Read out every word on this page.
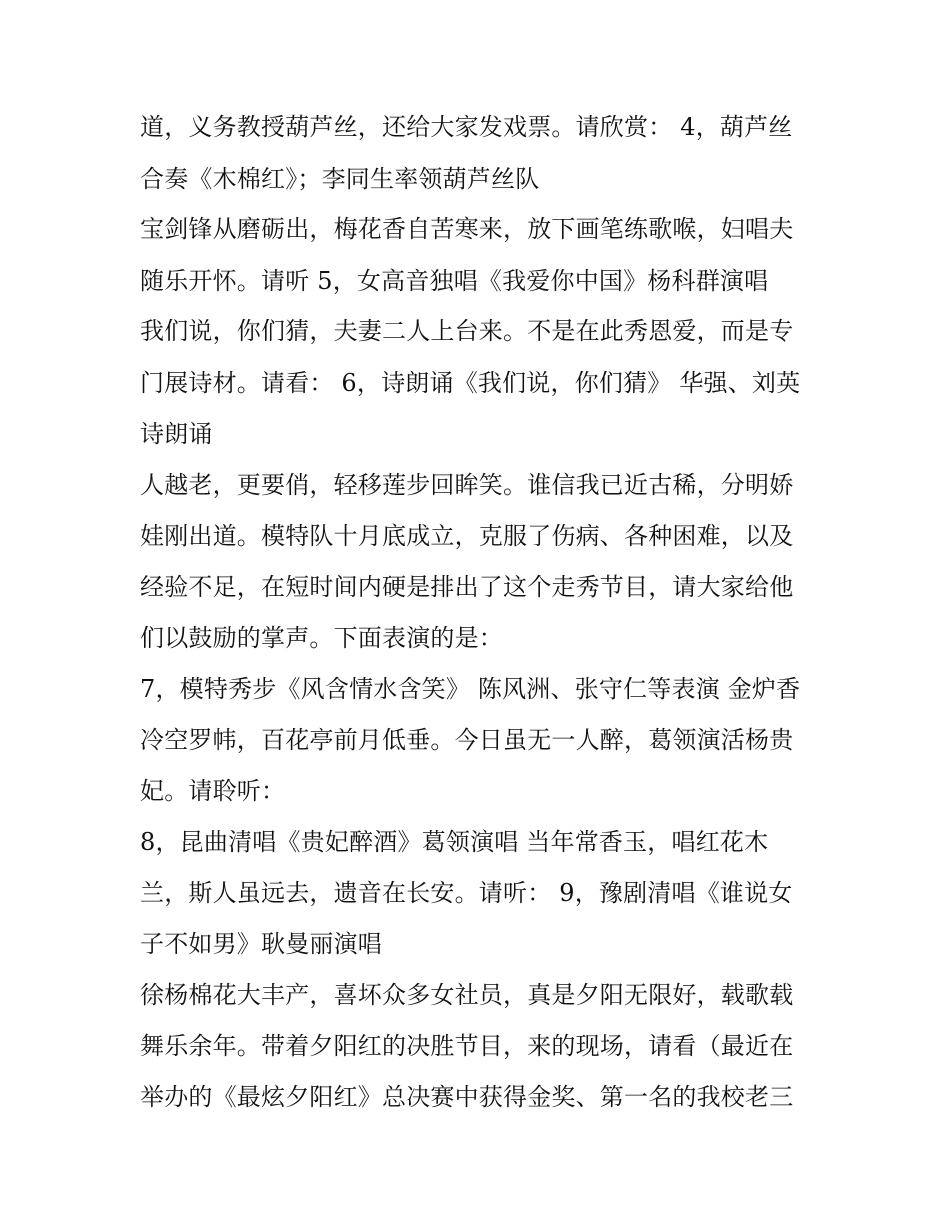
道，义务教授葫芦丝，还给大家发戏票。请欣赏： 4，葫芦丝
合奏《木棉红》；李同生率领葫芦丝队
宝剑锋从磨砺出，梅花香自苦寒来，放下画笔练歌喉，妇唱夫
随乐开怀。请听 5，女高音独唱《我爱你中国》杨科群演唱
我们说，你们猜，夫妻二人上台来。不是在此秀恩爱，而是专
门展诗材。请看： 6，诗朗诵《我们说，你们猜》 华强、刘英
诗朗诵
人越老，更要俏，轻移莲步回眸笑。谁信我已近古稀，分明娇
娃刚出道。模特队十月底成立，克服了伤病、各种困难，以及
经验不足，在短时间内硬是排出了这个走秀节目，请大家给他
们以鼓励的掌声。下面表演的是：
7，模特秀步《风含情水含笑》 陈风洲、张守仁等表演 金炉香
冷空罗帏，百花亭前月低垂。今日虽无一人醉，葛领演活杨贵
妃。请聆听：
8，昆曲清唱《贵妃醉酒》葛领演唱 当年常香玉，唱红花木
兰，斯人虽远去，遗音在长安。请听： 9，豫剧清唱《谁说女
子不如男》耿曼丽演唱
徐杨棉花大丰产，喜坏众多女社员，真是夕阳无限好，载歌载
舞乐余年。带着夕阳红的决胜节目，来的现场，请看（最近在
举办的《最炫夕阳红》总决赛中获得金奖、第一名的我校老三
